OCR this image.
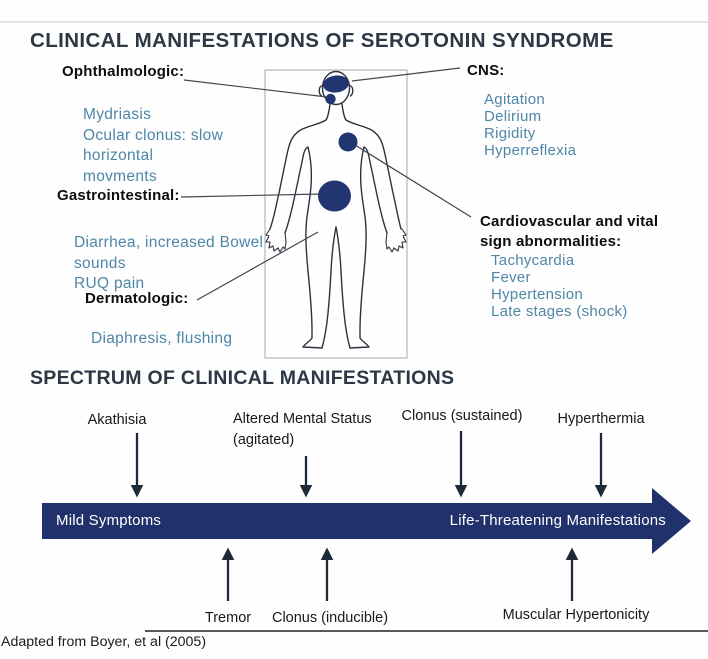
CLINICAL MANIFESTATIONS OF SEROTONIN SYNDROME
Ophthalmologic:
Mydriasis
Ocular clonus: slow
horizontal
movments
Gastrointestinal:
Diarrhea, increased Bowel
sounds
RUQ pain
Dermatologic:
Diaphresis, flushing
CNS:
Agitation
Delirium
Rigidity
Hyperreflexia
Cardiovascular and vital sign abnormalities:
Tachycardia
Fever
Hypertension
Late stages (shock)
SPECTRUM OF CLINICAL MANIFESTATIONS
Akathisia	Altered Mental Status
(agitated)
Clonus (sustained) Hyperthermia
Mild Symptoms	Life-Threatening Manifestations
Tremor Clonus (inducible)	Muscular Hypertonicity
Adapted from Boyer, et al (2005)
